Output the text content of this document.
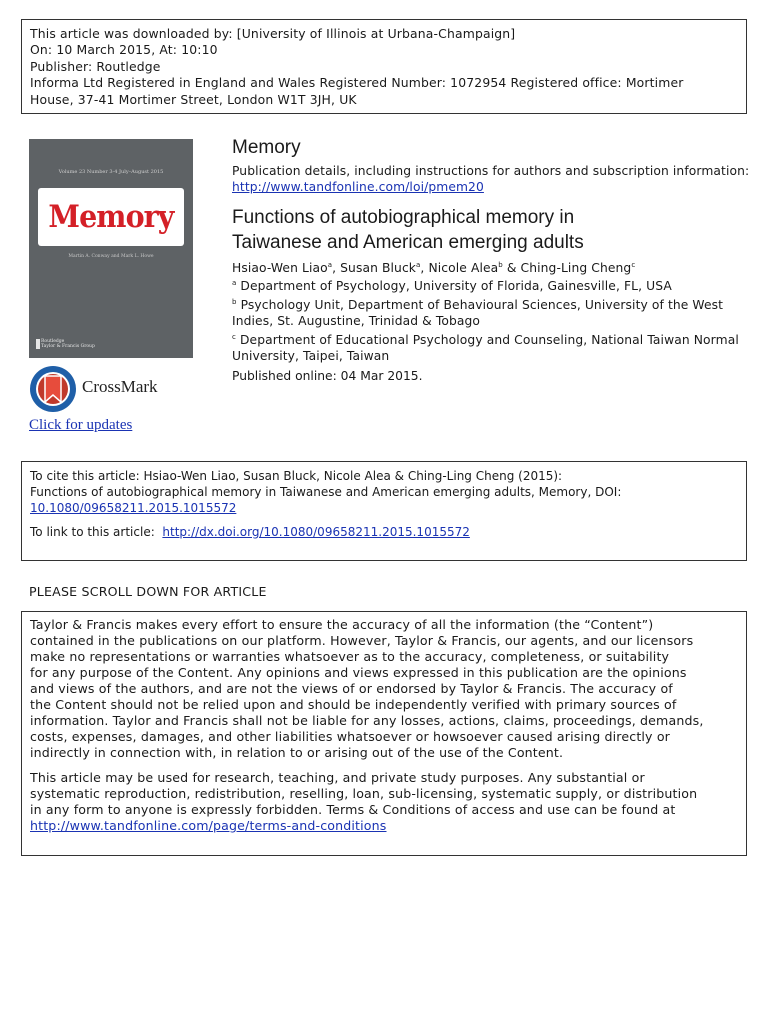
This article was downloaded by: [University of Illinois at Urbana-Champaign]
On: 10 March 2015, At: 10:10
Publisher: Routledge
Informa Ltd Registered in England and Wales Registered Number: 1072954 Registered office: Mortimer
House, 37-41 Mortimer Street, London W1T 3JH, UK
Volume 23 Number 3-4 July–August 2015
Memory
Martin A. Conway and Mark L. Howe
Routledge
Taylor & Francis Group
CrossMark
Click for updates
Memory
Publication details, including instructions for authors and subscription information:
http://www.tandfonline.com/loi/pmem20
Functions of autobiographical memory in
Taiwanese and American emerging adults
Hsiao-Wen Liao$^a$, Susan Bluck$^a$, Nicole Alea$^b$ & Ching-Ling Cheng$^c$
$^a$ Department of Psychology, University of Florida, Gainesville, FL, USA
$^b$ Psychology Unit, Department of Behavioural Sciences, University of the West
Indies, St. Augustine, Trinidad & Tobago
$^c$ Department of Educational Psychology and Counseling, National Taiwan Normal
University, Taipei, Taiwan
Published online: 04 Mar 2015.
To cite this article: Hsiao-Wen Liao, Susan Bluck, Nicole Alea & Ching-Ling Cheng (2015):
Functions of autobiographical memory in Taiwanese and American emerging adults, Memory, DOI:
10.1080/09658211.2015.1015572
To link to this article: http://dx.doi.org/10.1080/09658211.2015.1015572
PLEASE SCROLL DOWN FOR ARTICLE
Taylor & Francis makes every effort to ensure the accuracy of all the information (the “Content”)
contained in the publications on our platform. However, Taylor & Francis, our agents, and our licensors
make no representations or warranties whatsoever as to the accuracy, completeness, or suitability
for any purpose of the Content. Any opinions and views expressed in this publication are the opinions
and views of the authors, and are not the views of or endorsed by Taylor & Francis. The accuracy of
the Content should not be relied upon and should be independently verified with primary sources of
information. Taylor and Francis shall not be liable for any losses, actions, claims, proceedings, demands,
costs, expenses, damages, and other liabilities whatsoever or howsoever caused arising directly or
indirectly in connection with, in relation to or arising out of the use of the Content.
This article may be used for research, teaching, and private study purposes. Any substantial or
systematic reproduction, redistribution, reselling, loan, sub-licensing, systematic supply, or distribution
in any form to anyone is expressly forbidden. Terms & Conditions of access and use can be found at
http://www.tandfonline.com/page/terms-and-conditions
